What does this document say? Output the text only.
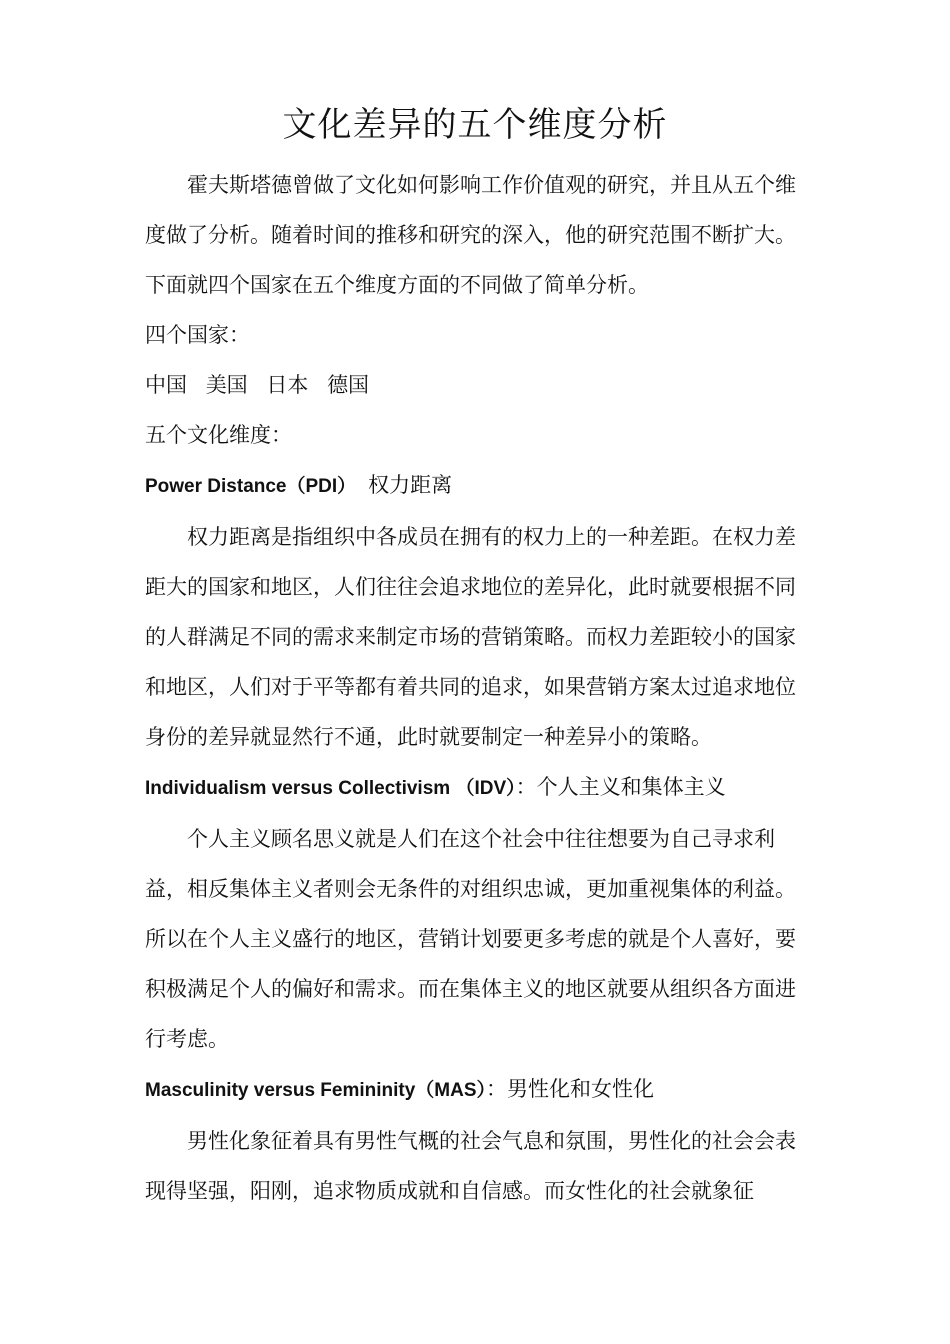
文化差异的五个维度分析

霍夫斯塔德曾做了文化如何影响工作价值观的研究，并且从五个维度做了分析。随着时间的推移和研究的深入，他的研究范围不断扩大。下面就四个国家在五个维度方面的不同做了简单分析。

四个国家：

中国 美国 日本 德国

五个文化维度：

Power Distance（PDI） 权力距离

权力距离是指组织中各成员在拥有的权力上的一种差距。在权力差距大的国家和地区，人们往往会追求地位的差异化，此时就要根据不同的人群满足不同的需求来制定市场的营销策略。而权力差距较小的国家和地区，人们对于平等都有着共同的追求，如果营销方案太过追求地位身份的差异就显然行不通，此时就要制定一种差异小的策略。

Individualism versus Collectivism （IDV）：个人主义和集体主义

个人主义顾名思义就是人们在这个社会中往往想要为自己寻求利益，相反集体主义者则会无条件的对组织忠诚，更加重视集体的利益。所以在个人主义盛行的地区，营销计划要更多考虑的就是个人喜好，要积极满足个人的偏好和需求。而在集体主义的地区就要从组织各方面进行考虑。

Masculinity versus Femininity（MAS）：男性化和女性化

男性化象征着具有男性气概的社会气息和氛围，男性化的社会会表现得坚强，阳刚，追求物质成就和自信感。而女性化的社会就象征
